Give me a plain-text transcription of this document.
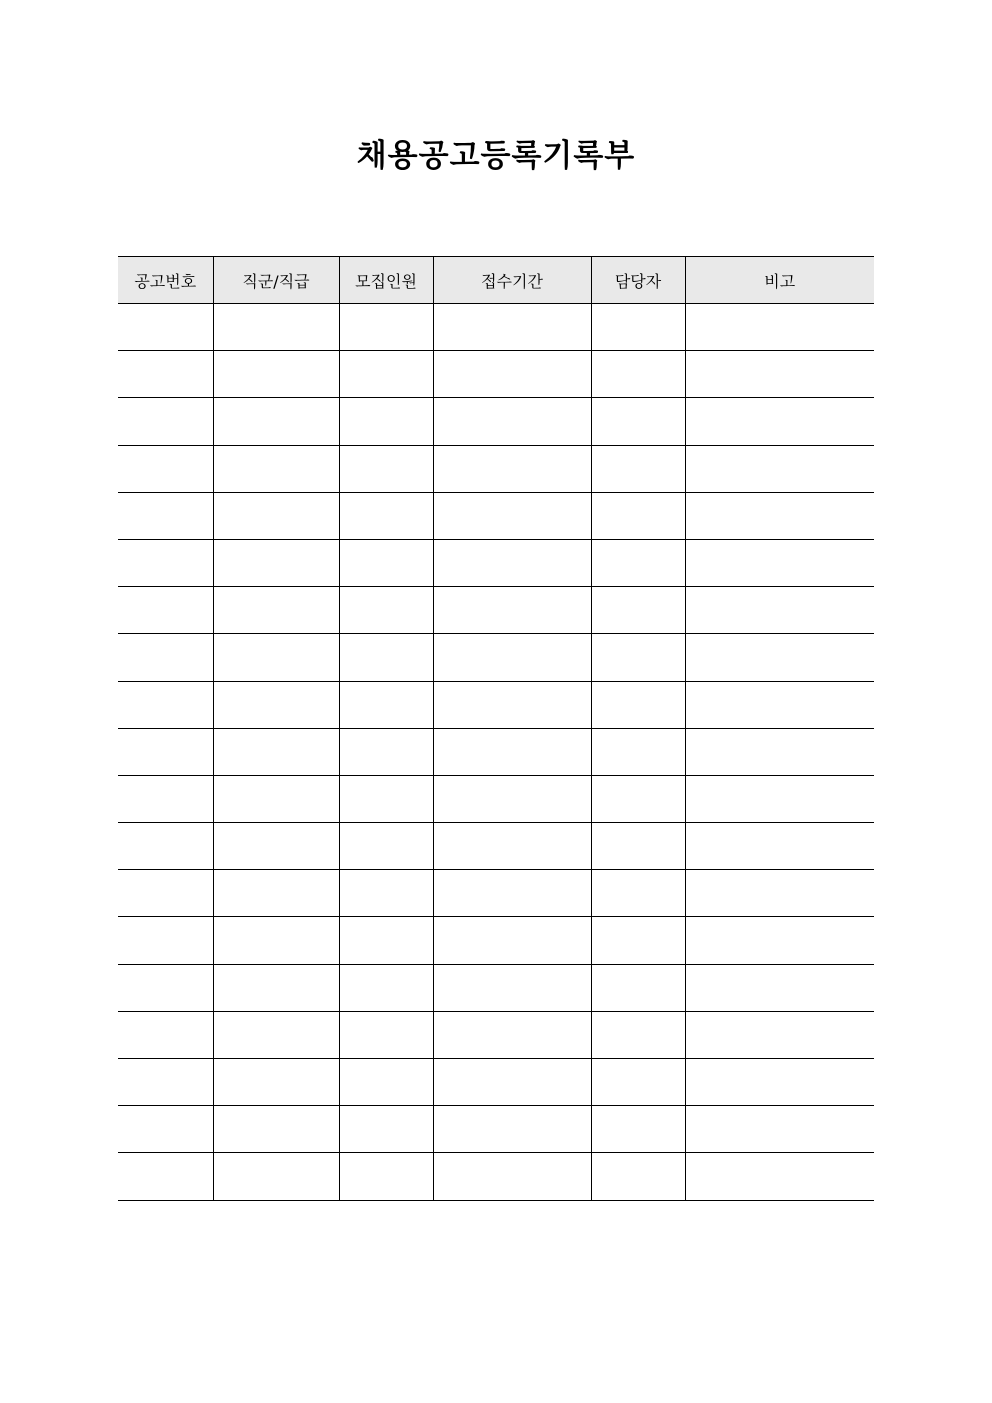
채용공고등록기록부
공고번호	직군/직급	모집인원	접수기간	담당자	비고
